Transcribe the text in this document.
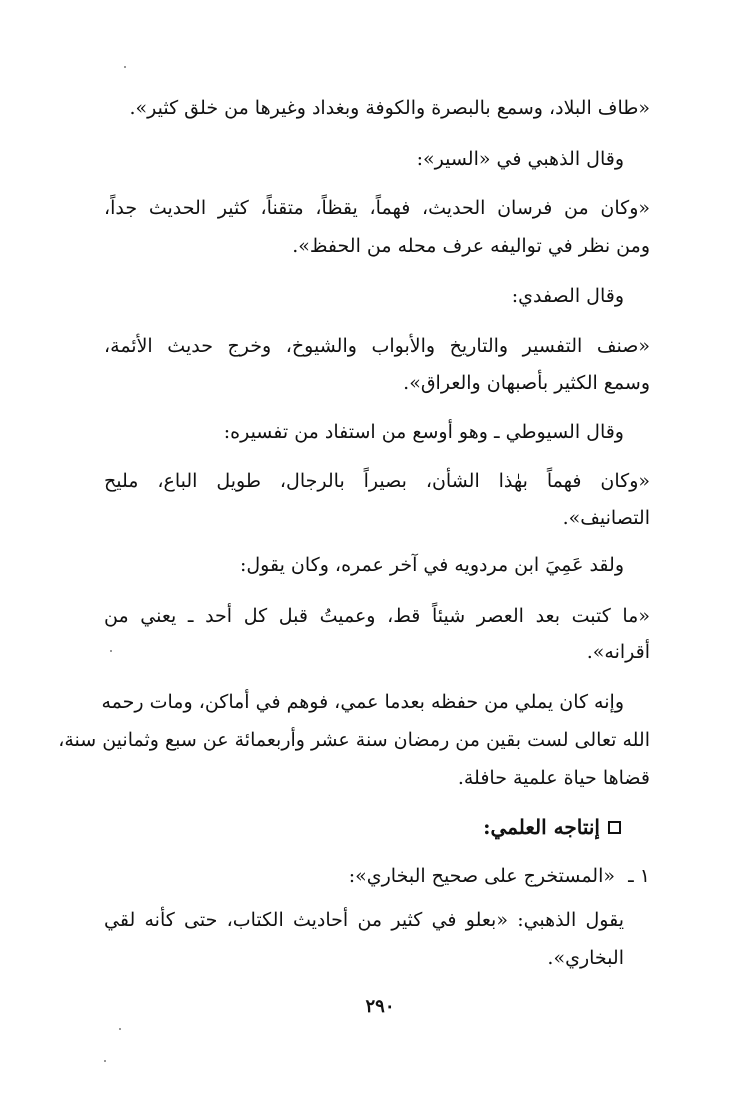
«طاف البلاد، وسمع بالبصرة والكوفة وبغداد وغيرها من خلق كثير».
وقال الذهبي في «السير»:
«وكان من فرسان الحديث، فهماً، يقظاً، متقناً، كثير الحديث جداً،
ومن نظر في تواليفه عرف محله من الحفظ».
وقال الصفدي:
«صنف التفسير والتاريخ والأبواب والشيوخ، وخرج حديث الأئمة،
وسمع الكثير بأصبهان والعراق».
وقال السيوطي ـ وهو أوسع من استفاد من تفسيره:
«وكان فهماً بهٰذا الشأن، بصيراً بالرجال، طويل الباع، مليح
التصانيف».
ولقد عَمِيَ ابن مردويه في آخر عمره، وكان يقول:
«ما كتبت بعد العصر شيئاً قط، وعميتُ قبل كل أحد ـ يعني من
أقرانه».
وإنه كان يملي من حفظه بعدما عمي، فوهم في أماكن، ومات رحمه
الله تعالى لست بقين من رمضان سنة عشر وأربعمائة عن سبع وثمانين سنة،
قضاها حياة علمية حافلة.
إنتاجه العلمي:
١ ـ
«المستخرج على صحيح البخاري»:
يقول الذهبي: «بعلو في كثير من أحاديث الكتاب، حتى كأنه لقي
البخاري».
٢٩٠
